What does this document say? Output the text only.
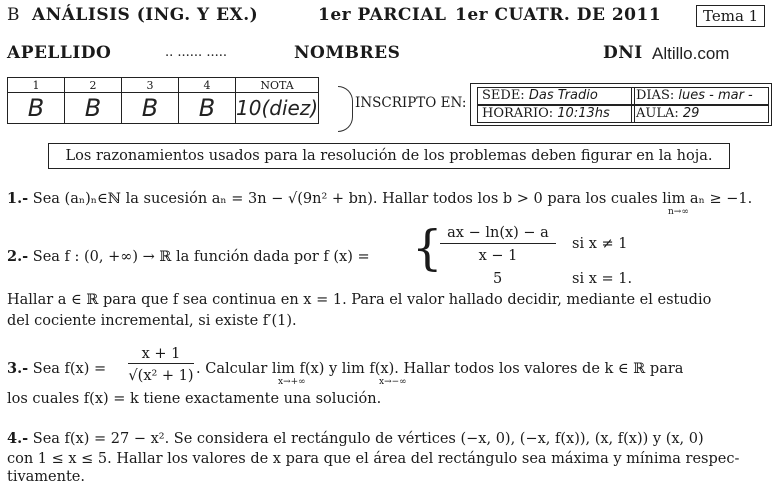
B ANÁLISIS (ING. Y EX.)	1er PARCIAL 1er CUATR. DE 2011	Tema 1
APELLIDO	.. ...... .....	NOMBRES	DNI Altillo.com
1	2	3	4	NOTA
B	B	B	B	10(diez)	INSCRIPTO EN:	SEDE: Das Tradio	DIAS: lues - mar -
HORARIO: 10:13hs	AULA: 29
Los razonamientos usados para la resolución de los problemas deben figurar en la hoja.
1.- Sea (aₙ)ₙ∈ℕ la sucesión aₙ = 3n − √(9n² + bn). Hallar todos los b > 0 para los cuales lim aₙ ≥ −1.
n→∞
2.- Sea f : (0, +∞) → ℝ la función dada por f (x) = { ax − ln(x) − a
x − 1
si x ≠ 1
5	si x = 1.
Hallar a ∈ ℝ para que f sea continua en x = 1. Para el valor hallado decidir, mediante el estudio
del cociente incremental, si existe f′(1).
3.- Sea f(x) =
x + 1
√(x² + 1) . Calcular lim f(x) y lim f(x). Hallar todos los valores de k ∈ ℝ para
x→+∞	x→−∞
los cuales f(x) = k tiene exactamente una solución.
4.- Sea f(x) = 27 − x². Se considera el rectángulo de vértices (−x, 0), (−x, f(x)), (x, f(x)) y (x, 0)
con 1 ≤ x ≤ 5. Hallar los valores de x para que el área del rectángulo sea máxima y mínima respec-
tivamente.
